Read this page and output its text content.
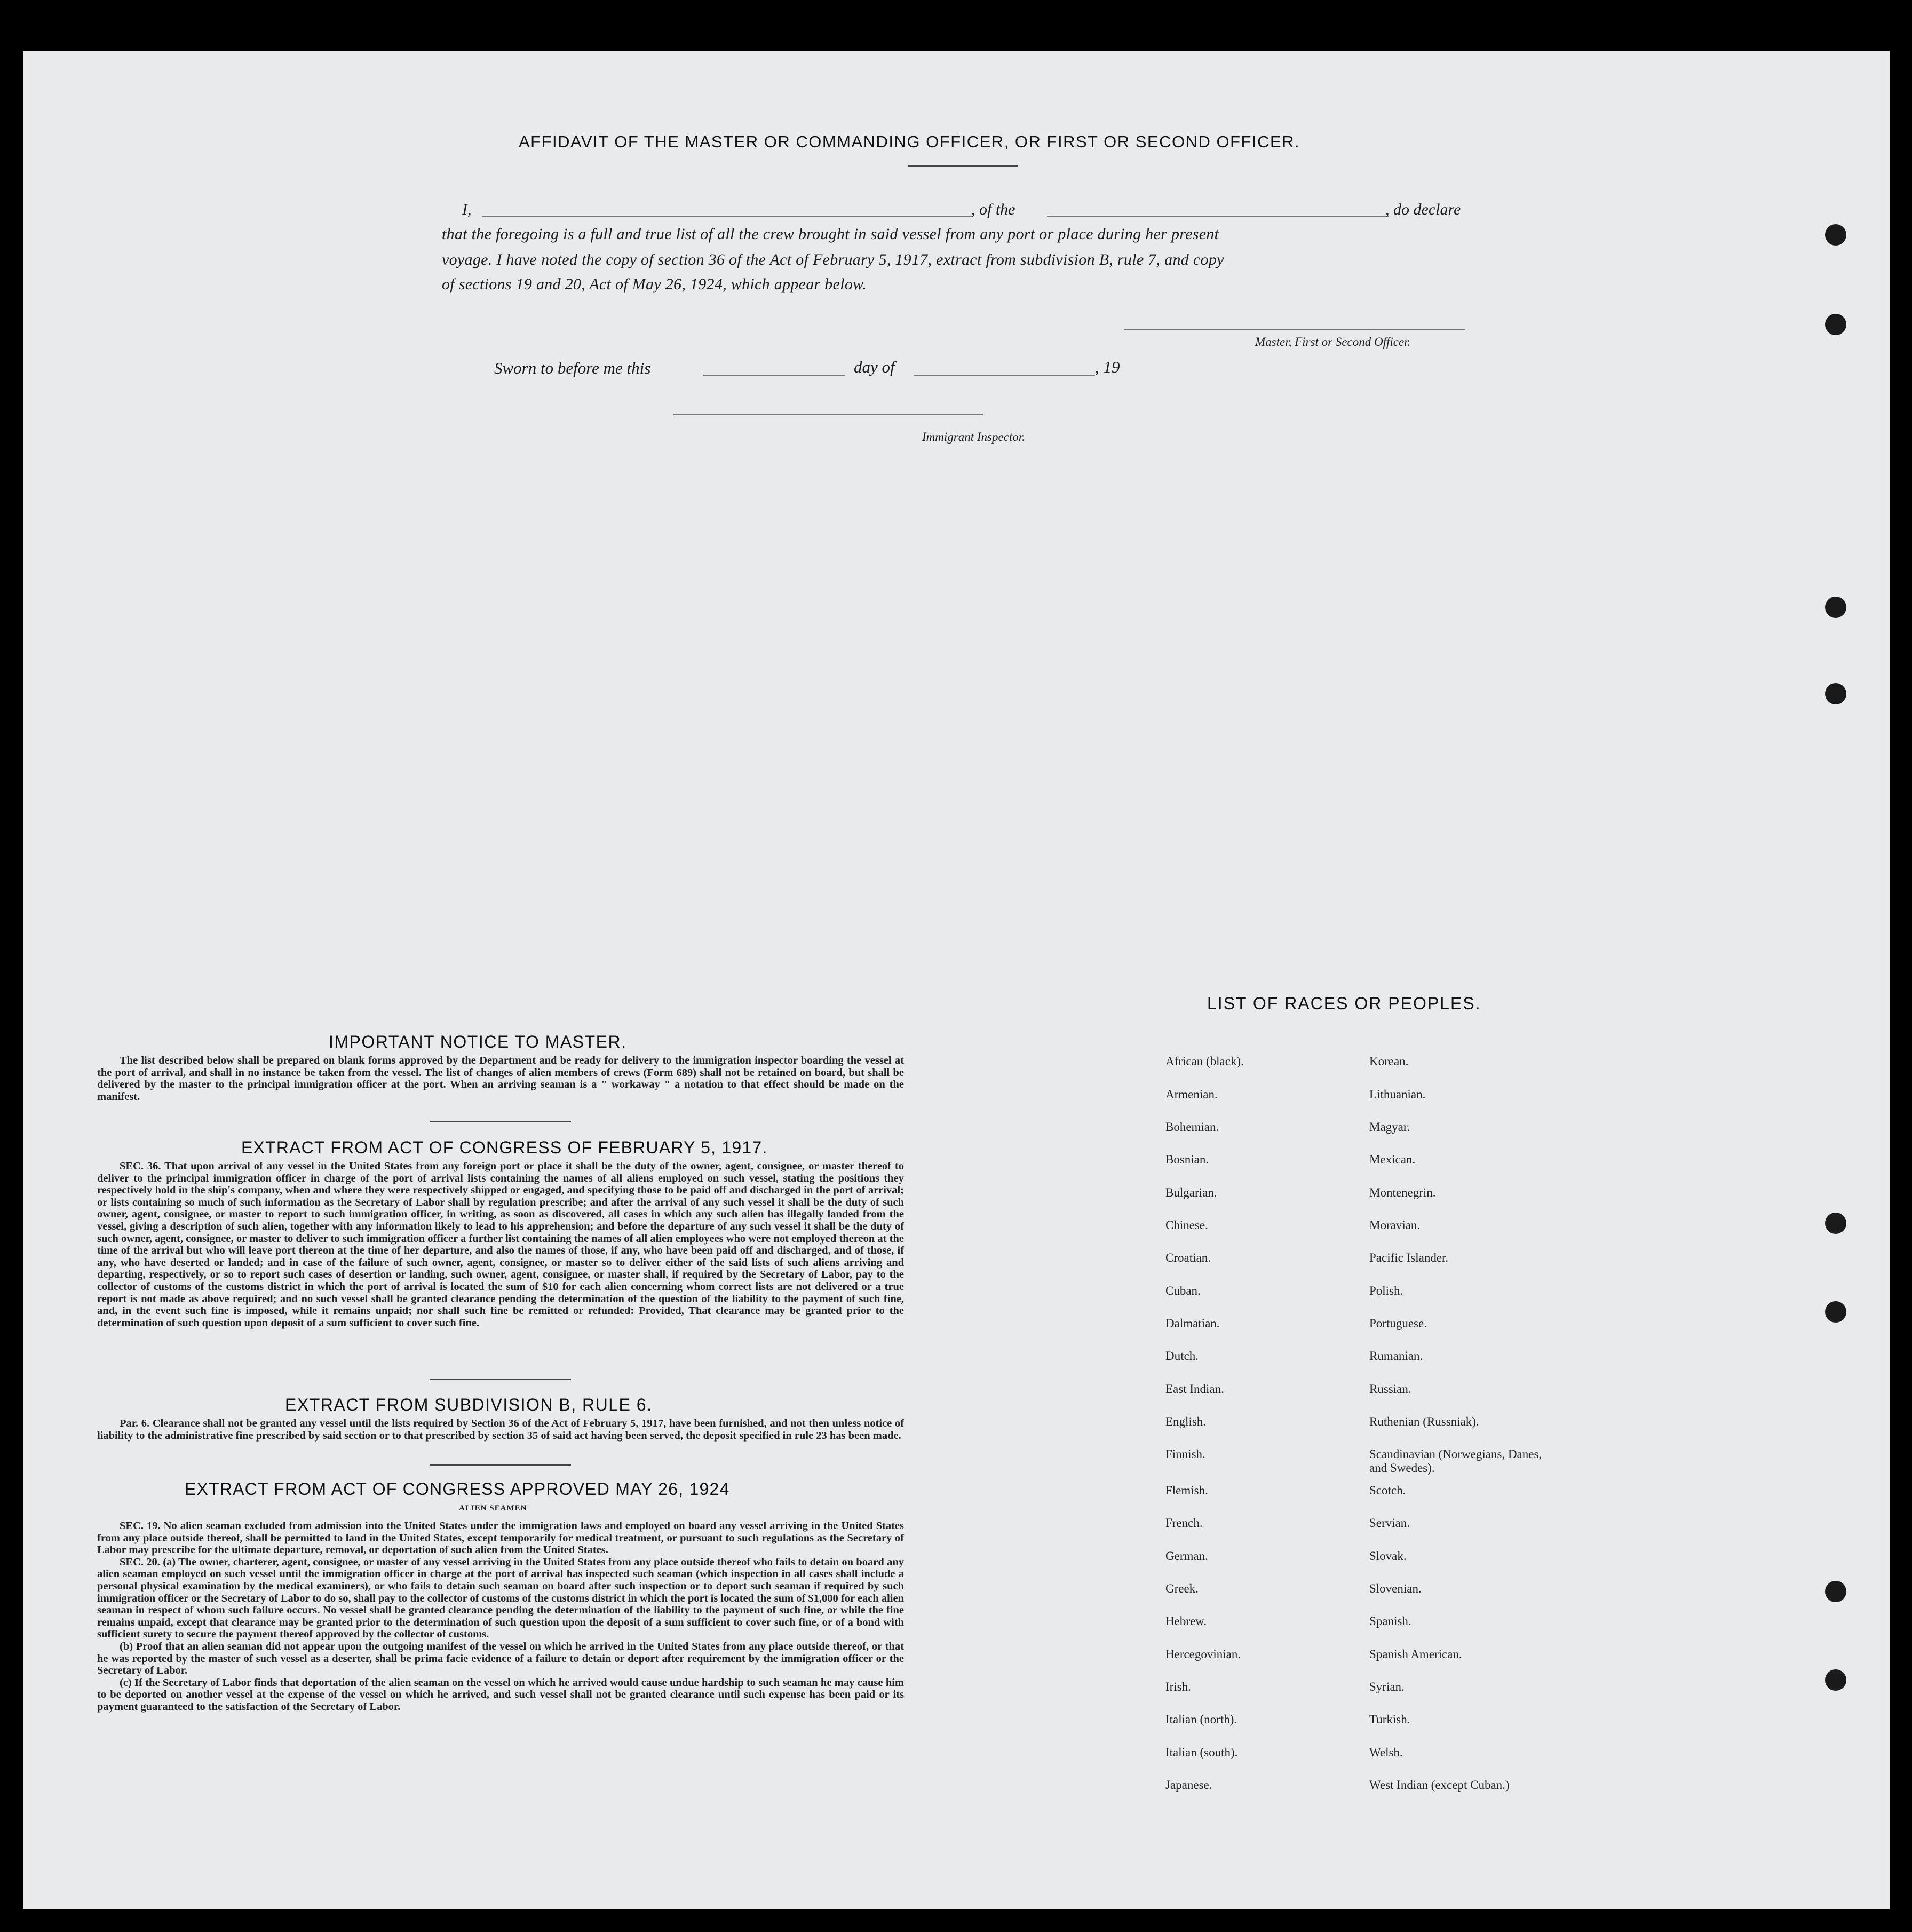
AFFIDAVIT OF THE MASTER OR COMMANDING OFFICER, OR FIRST OR SECOND OFFICER.
I,	, of the	, do declare
that the foregoing is a full and true list of all the crew brought in said vessel from any port or place during her present
voyage. I have noted the copy of section 36 of the Act of February 5, 1917, extract from subdivision B, rule 7, and copy
of sections 19 and 20, Act of May 26, 1924, which appear below.
Master, First or Second Officer.
Sworn to before me this	day of	, 19
Immigrant Inspector.
IMPORTANT NOTICE TO MASTER.

The list described below shall be prepared on blank forms approved by the Department and be ready for delivery to the immigration inspector boarding the vessel at the port of arrival, and shall in no instance be taken from the vessel. The list of changes of alien members of crews (Form 689) shall not be retained on board, but shall be delivered by the master to the principal immigration officer at the port. When an arriving seaman is a " workaway " a notation to that effect should be made on the manifest.

EXTRACT FROM ACT OF CONGRESS OF FEBRUARY 5, 1917.

SEC. 36. That upon arrival of any vessel in the United States from any foreign port or place it shall be the duty of the owner, agent, consignee, or master thereof to deliver to the principal immigration officer in charge of the port of arrival lists containing the names of all aliens employed on such vessel, stating the positions they respectively hold in the ship's company, when and where they were respectively shipped or engaged, and specifying those to be paid off and discharged in the port of arrival; or lists containing so much of such information as the Secretary of Labor shall by regulation prescribe; and after the arrival of any such vessel it shall be the duty of such owner, agent, consignee, or master to report to such immigration officer, in writing, as soon as discovered, all cases in which any such alien has illegally landed from the vessel, giving a description of such alien, together with any information likely to lead to his apprehension; and before the departure of any such vessel it shall be the duty of such owner, agent, consignee, or master to deliver to such immigration officer a further list containing the names of all alien employees who were not employed thereon at the time of the arrival but who will leave port thereon at the time of her departure, and also the names of those, if any, who have been paid off and discharged, and of those, if any, who have deserted or landed; and in case of the failure of such owner, agent, consignee, or master so to deliver either of the said lists of such aliens arriving and departing, respectively, or so to report such cases of desertion or landing, such owner, agent, consignee, or master shall, if required by the Secretary of Labor, pay to the collector of customs of the customs district in which the port of arrival is located the sum of $10 for each alien concerning whom correct lists are not delivered or a true report is not made as above required; and no such vessel shall be granted clearance pending the determination of the question of the liability to the payment of such fine, and, in the event such fine is imposed, while it remains unpaid; nor shall such fine be remitted or refunded: Provided, That clearance may be granted prior to the determination of such question upon deposit of a sum sufficient to cover such fine.

EXTRACT FROM SUBDIVISION B, RULE 6.

Par. 6. Clearance shall not be granted any vessel until the lists required by Section 36 of the Act of February 5, 1917, have been furnished, and not then unless notice of liability to the administrative fine prescribed by said section or to that prescribed by section 35 of said act having been served, the deposit specified in rule 23 has been made.

EXTRACT FROM ACT OF CONGRESS APPROVED MAY 26, 1924
ALIEN SEAMEN

SEC. 19. No alien seaman excluded from admission into the United States under the immigration laws and employed on board any vessel arriving in the United States from any place outside thereof, shall be permitted to land in the United States, except temporarily for medical treatment, or pursuant to such regulations as the Secretary of Labor may prescribe for the ultimate departure, removal, or deportation of such alien from the United States.

SEC. 20. (a) The owner, charterer, agent, consignee, or master of any vessel arriving in the United States from any place outside thereof who fails to detain on board any alien seaman employed on such vessel until the immigration officer in charge at the port of arrival has inspected such seaman (which inspection in all cases shall include a personal physical examination by the medical examiners), or who fails to detain such seaman on board after such inspection or to deport such seaman if required by such immigration officer or the Secretary of Labor to do so, shall pay to the collector of customs of the customs district in which the port is located the sum of $1,000 for each alien seaman in respect of whom such failure occurs. No vessel shall be granted clearance pending the determination of the liability to the payment of such fine, or while the fine remains unpaid, except that clearance may be granted prior to the determination of such question upon the deposit of a sum sufficient to cover such fine, or of a bond with sufficient surety to secure the payment thereof approved by the collector of customs.

(b) Proof that an alien seaman did not appear upon the outgoing manifest of the vessel on which he arrived in the United States from any place outside thereof, or that he was reported by the master of such vessel as a deserter, shall be prima facie evidence of a failure to detain or deport after requirement by the immigration officer or the Secretary of Labor.

(c) If the Secretary of Labor finds that deportation of the alien seaman on the vessel on which he arrived would cause undue hardship to such seaman he may cause him to be deported on another vessel at the expense of the vessel on which he arrived, and such vessel shall not be granted clearance until such expense has been paid or its payment guaranteed to the satisfaction of the Secretary of Labor.

LIST OF RACES OR PEOPLES.
African (black).
Armenian.
Bohemian.
Bosnian.
Bulgarian.
Chinese.
Croatian.
Cuban.
Dalmatian.
Dutch.
East Indian.
English.
Finnish.
Flemish.
French.
German.
Greek.
Hebrew.
Hercegovinian.
Irish.
Italian (north).
Italian (south).
Japanese.
Korean.
Lithuanian.
Magyar.
Mexican.
Montenegrin.
Moravian.
Pacific Islander.
Polish.
Portuguese.
Rumanian.
Russian.
Ruthenian (Russniak).
Scandinavian (Norwegians, Danes, and Swedes).
Scotch.
Servian.
Slovak.
Slovenian.
Spanish.
Spanish American.
Syrian.
Turkish.
Welsh.
West Indian (except Cuban.)
